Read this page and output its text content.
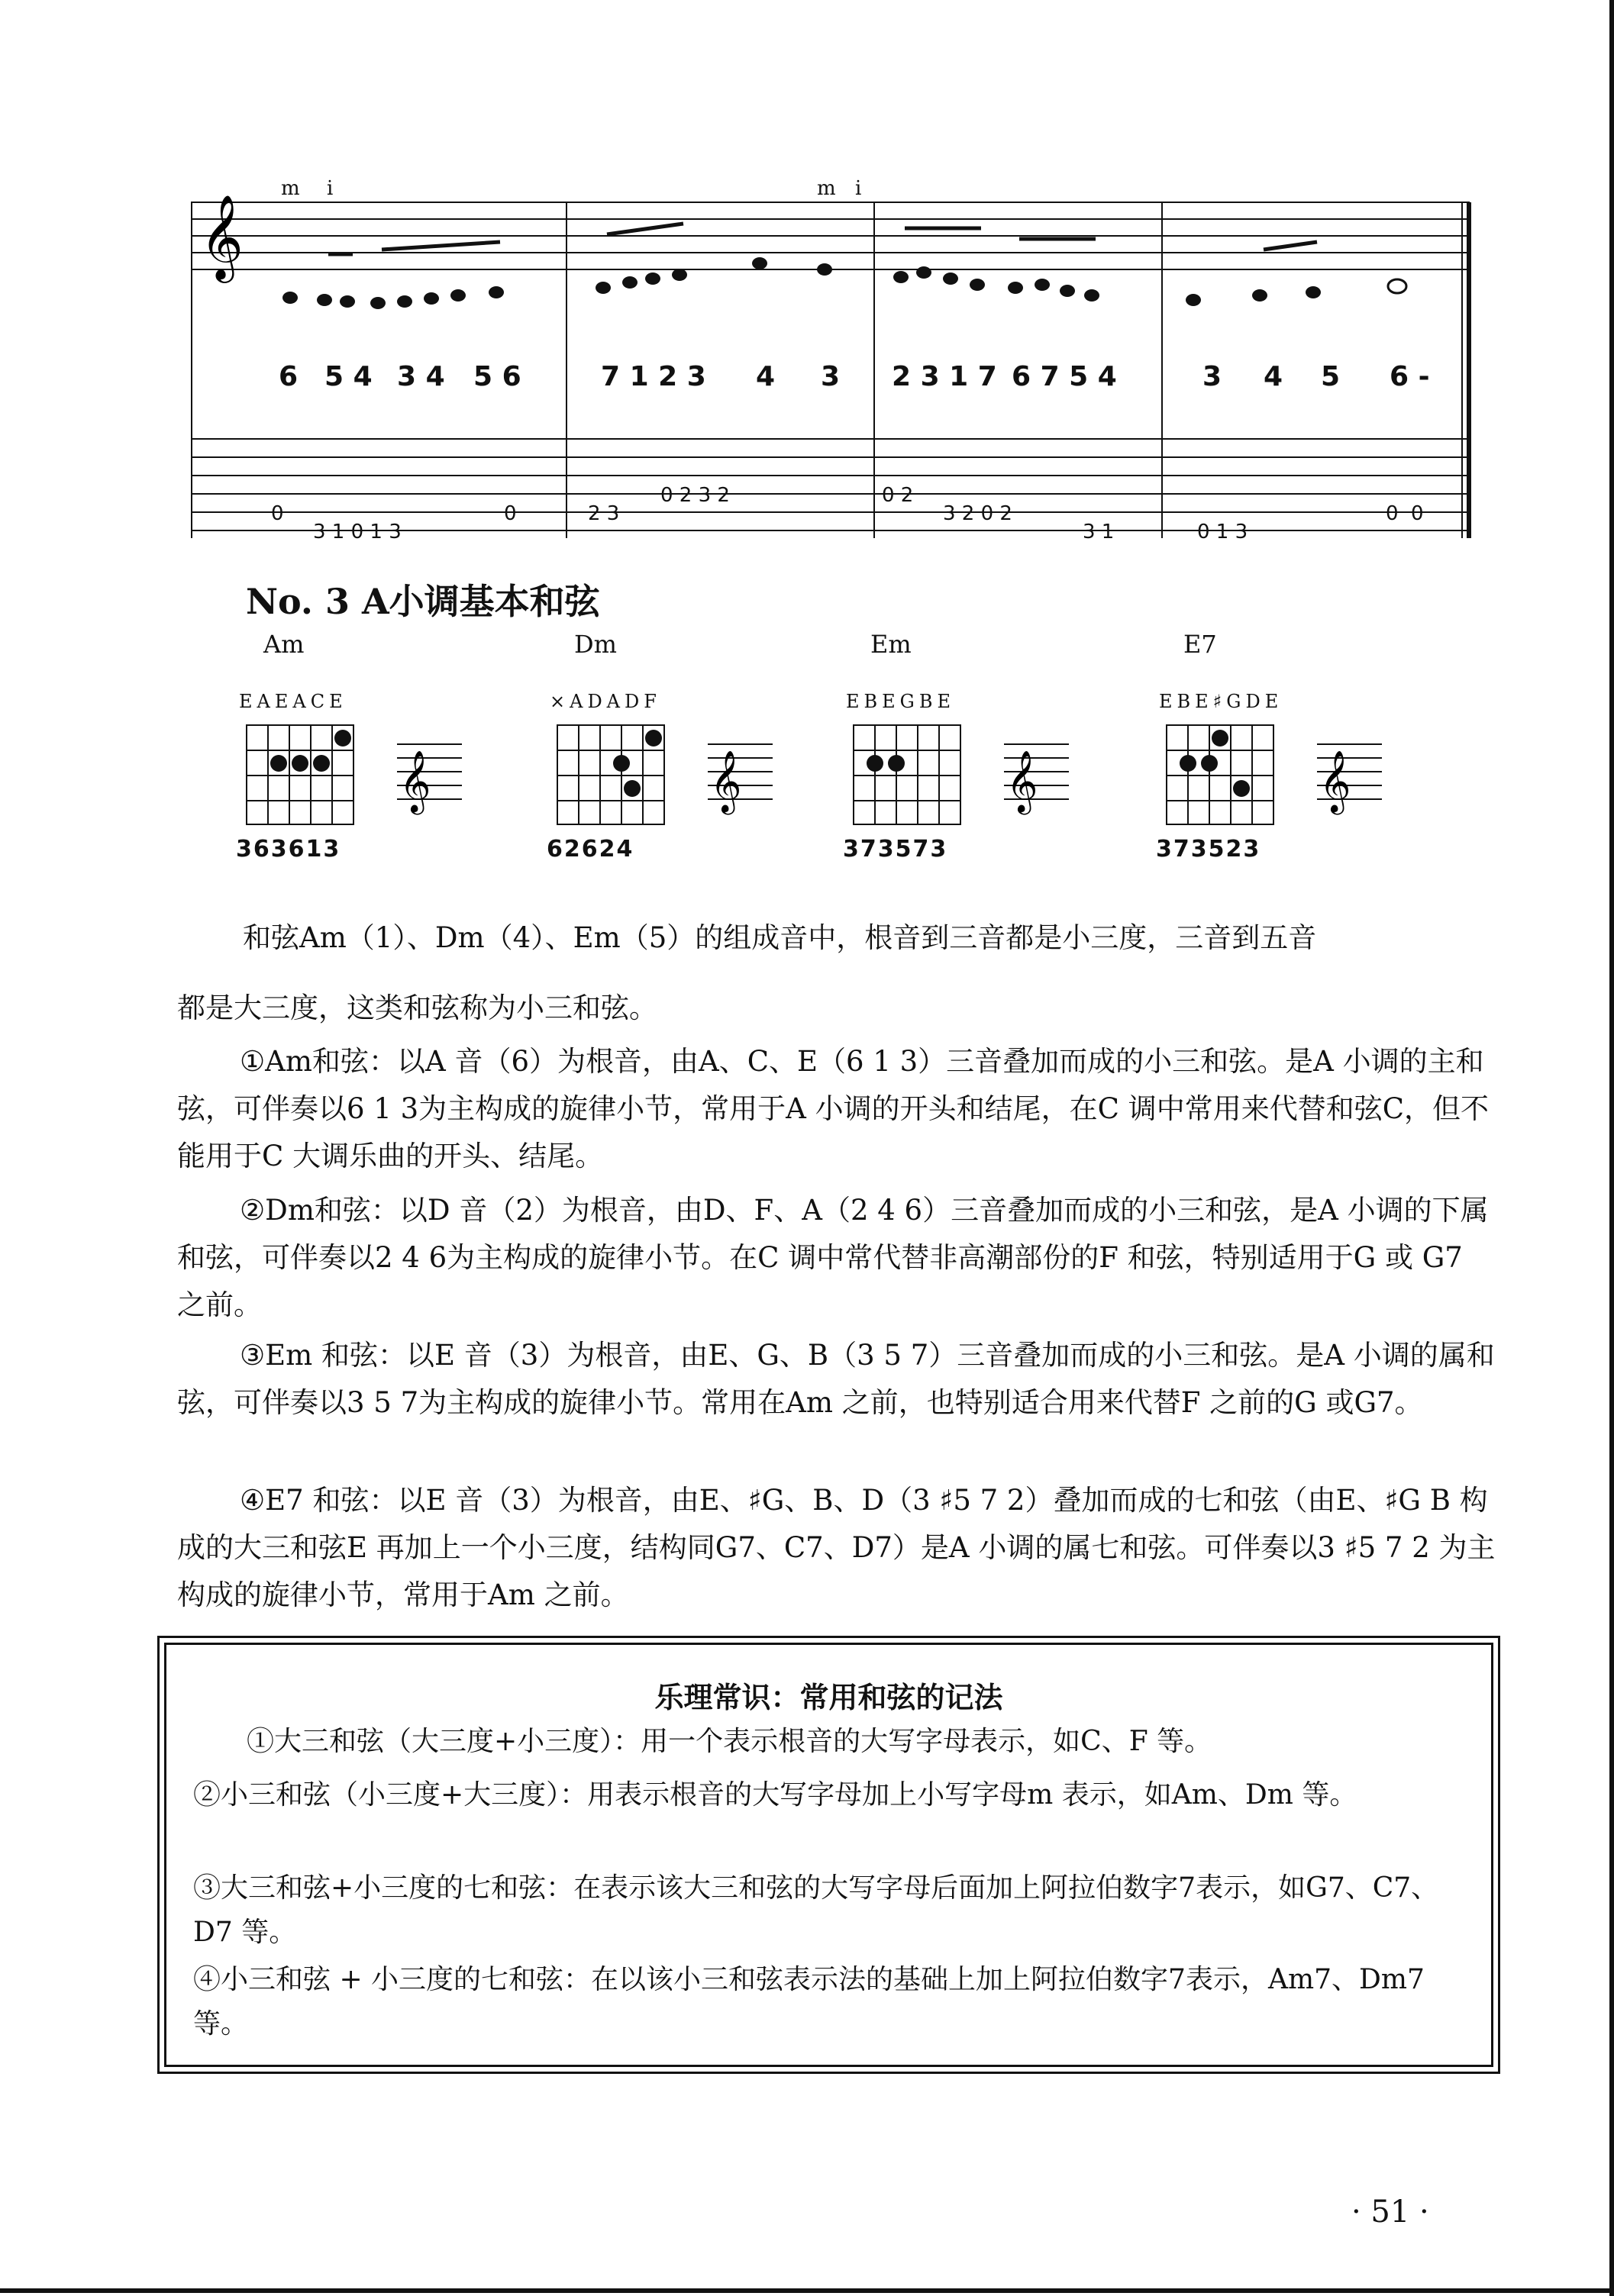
𝄞
m i	m i
6 5 4 3 4 5 6	7 1 2 3 4 3 2 3 1 7 6 7 5 4	3 4 5 6 -
0	2 3
0 2
0
3 1 0 1 3
0
0 2 3 2
3 2 0 2
3 1	0 1 3
0
No. 3 A小调基本和弦
Am
EAEACE
𝄞
363613
Dm
×ADADF
𝄞
62624
Em
EBEGBE
𝄞
373573
E7
EBE♯GDE
𝄞
373523
和弦Am（1）、Dm（4）、Em（5）的组成音中，根音到三音都是小三度，三音到五音
都是大三度，这类和弦称为小三和弦。
①Am和弦：以A 音（6）为根音，由A、C、E（6 1 3）三音叠加而成的小三和弦。是A 小调的主和弦，可伴奏以6 1 3为主构成的旋律小节，常用于A 小调的开头和结尾，在C 调中常用来代替和弦C，但不能用于C 大调乐曲的开头、结尾。
②Dm和弦：以D 音（2）为根音，由D、F、A（2 4 6）三音叠加而成的小三和弦，是A 小调的下属和弦，可伴奏以2 4 6为主构成的旋律小节。在C 调中常代替非高潮部份的F 和弦，特别适用于G 或 G7 之前。
③Em 和弦：以E 音（3）为根音，由E、G、B（3 5 7）三音叠加而成的小三和弦。是A 小调的属和弦，可伴奏以3 5 7为主构成的旋律小节。常用在Am 之前，也特别适合用来代替F 之前的G 或G7。
④E7 和弦：以E 音（3）为根音，由E、♯G、B、D（3 ♯5 7 2）叠加而成的七和弦（由E、♯G B 构成的大三和弦E 再加上一个小三度，结构同G7、C7、D7）是A 小调的属七和弦。可伴奏以3 ♯5 7 2 为主构成的旋律小节，常用于Am 之前。
乐理常识：常用和弦的记法
①大三和弦（大三度+小三度）：用一个表示根音的大写字母表示，如C、F 等。
②小三和弦（小三度+大三度）：用表示根音的大写字母加上小写字母m 表示，如Am、Dm 等。
③大三和弦+小三度的七和弦：在表示该大三和弦的大写字母后面加上阿拉伯数字7表示，如G7、C7、D7 等。
④小三和弦 + 小三度的七和弦：在以该小三和弦表示法的基础上加上阿拉伯数字7表示，Am7、Dm7 等。
· 51 ·
